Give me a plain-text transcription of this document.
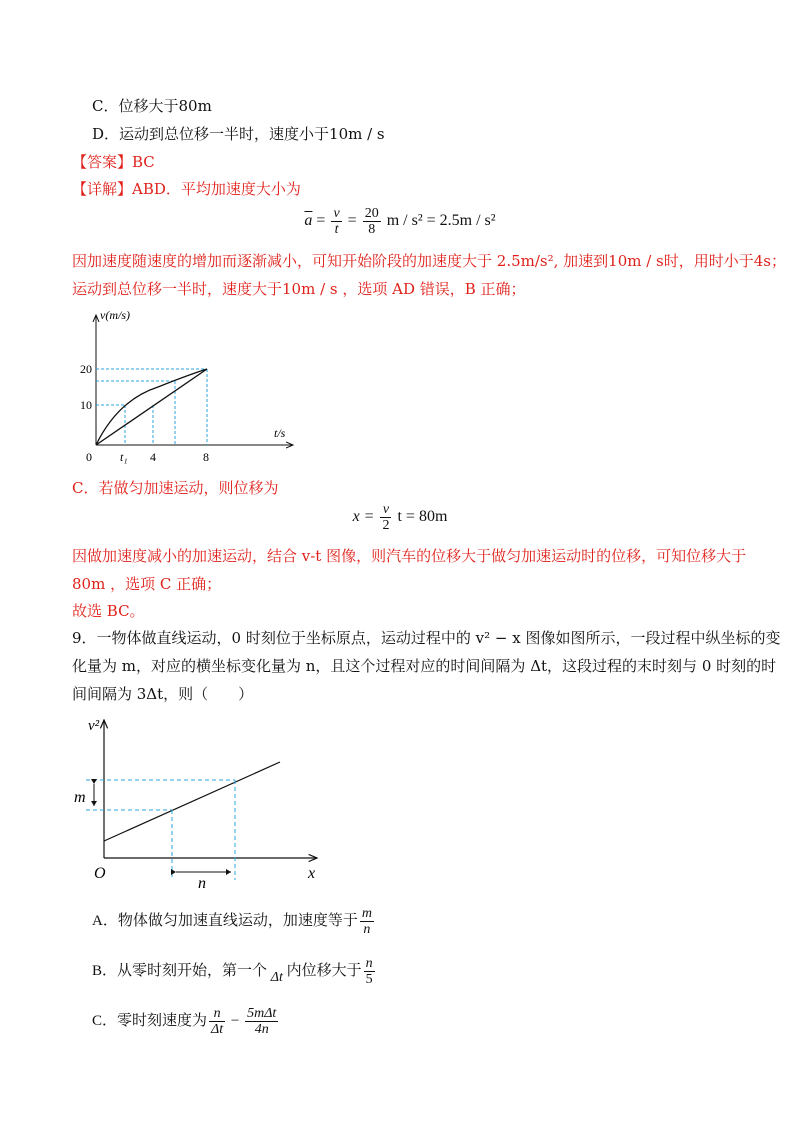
C．位移大于80m
D．运动到总位移一半时，速度小于10m / s
【答案】BC
【详解】ABD．平均加速度大小为
$\overline{a} = \frac{v}{t} = \frac{20}{8}$ m / s² = 2.5m / s²
因加速度随速度的增加而逐渐减小，可知开始阶段的加速度大于 2.5m/s², 加速到10m / s时，用时小于4s；
运动到总位移一半时，速度大于10m / s ，选项 AD 错误，B 正确；
v(m/s)
t/s
20
10
0 t₁ 4	8
C．若做匀加速运动，则位移为
$x = \frac{v}{2}$ t = 80m
因做加速度减小的加速运动，结合 v-t 图像，则汽车的位移大于做匀加速运动时的位移，可知位移大于
80m ，选项 C 正确；
故选 BC。
9．一物体做直线运动，0 时刻位于坐标原点，运动过程中的 v² − x 图像如图所示，一段过程中纵坐标的变
化量为 m，对应的横坐标变化量为 n，且这个过程对应的时间间隔为 Δt，这段过程的末时刻与 0 时刻的时
间间隔为 3Δt，则（　　）
v²
x
O
m
n
A．物体做匀加速直线运动，加速度等于 $\frac{m}{n}$
B．从零时刻开始，第一个 Δt 内位移大于 $\frac{n}{5}$
C．零时刻速度为 $\frac{n}{\Delta t} - \frac{\text{5mΔt}}{4n}$
